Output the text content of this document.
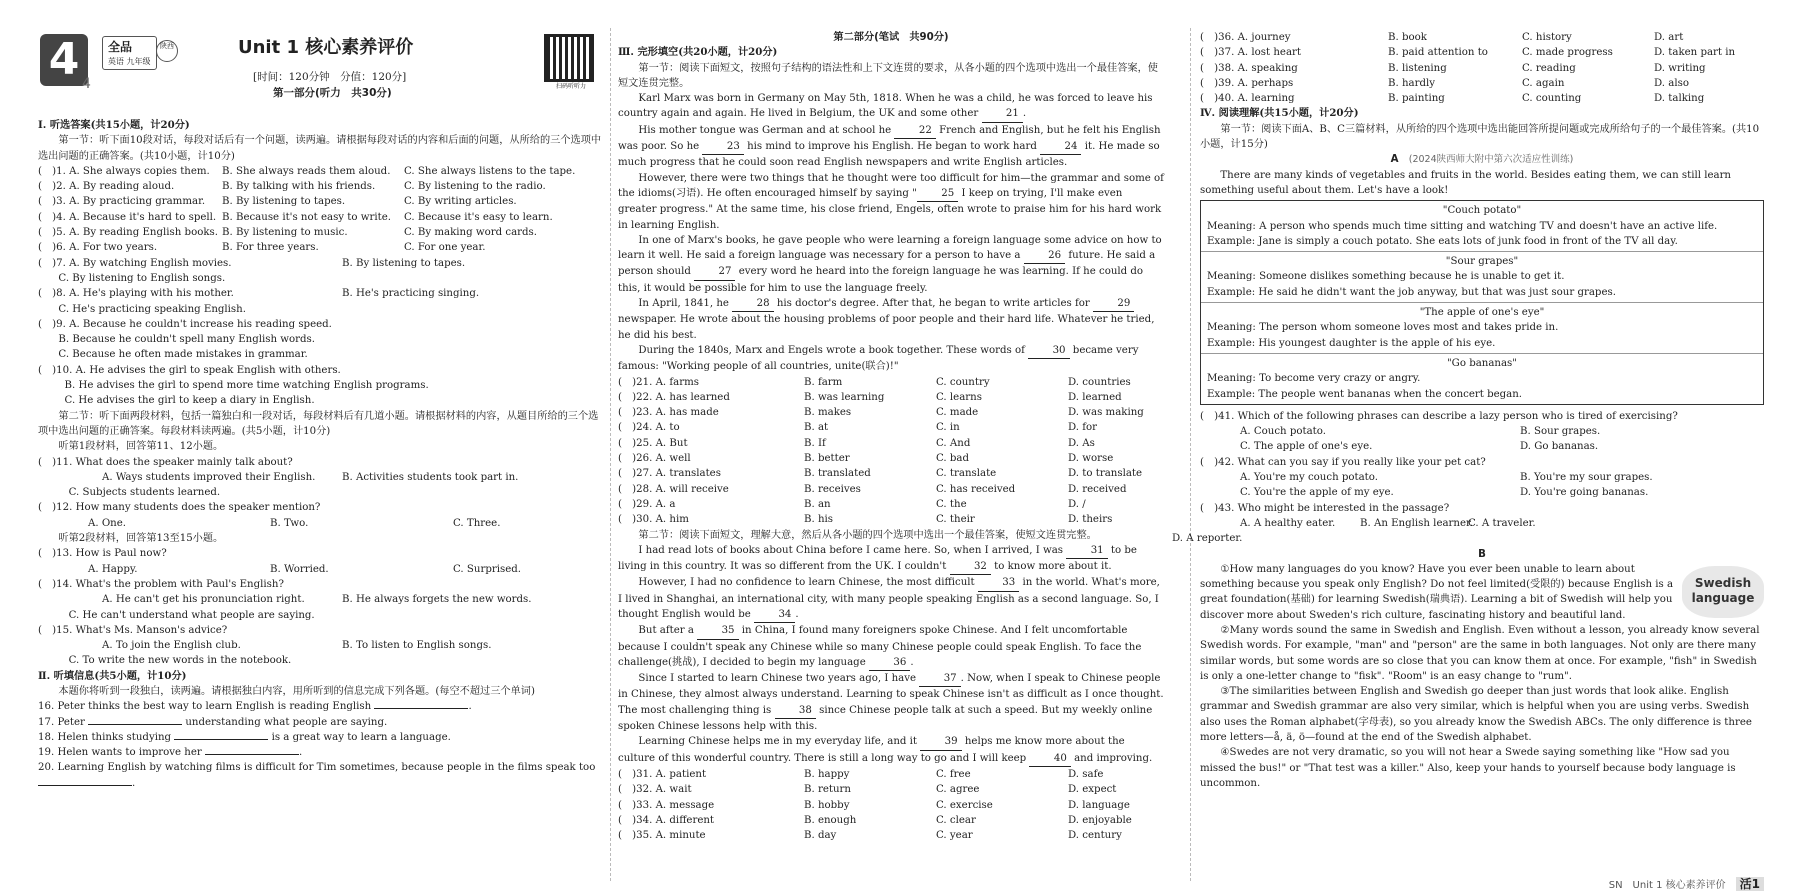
4 4
全品
英语 九年级
陕西	Unit 1 核心素养评价
[时间：120分钟　分值：120分]
第一部分(听力　共30分)
扫码听听力

Ⅰ. 听选答案(共15小题，计20分)

第一节：听下面10段对话，每段对话后有一个问题，读两遍。请根据每段对话的内容和后面的问题，从所给的三个选项中选出问题的正确答案。(共10小题，计10分)

(　)1. A. She always copies them.	B. She always reads them aloud.	C. She always listens to the tape.
(　)2. A. By reading aloud.	B. By talking with his friends.	C. By listening to the radio.
(　)3. A. By practicing grammar.	B. By listening to tapes.	C. By writing articles.
(　)4. A. Because it's hard to spell. B. Because it's not easy to write.	C. Because it's easy to learn.
(　)5. A. By reading English books. B. By listening to music.	C. By making word cards.
(　)6. A. For two years.	B. For three years.	C. For one year.
(　)7. A. By watching English movies.	B. By listening to tapes.

C. By listening to English songs.

(　)8. A. He's playing with his mother.	B. He's practicing singing.

C. He's practicing speaking English.

(　)9. A. Because he couldn't increase his reading speed.

B. Because he couldn't spell many English words.

C. Because he often made mistakes in grammar.

(　)10. A. He advises the girl to speak English with others.

B. He advises the girl to spend more time watching English programs.

C. He advises the girl to keep a diary in English.

第二节：听下面两段材料，包括一篇独白和一段对话，每段材料后有几道小题。请根据材料的内容，从题目所给的三个选项中选出问题的正确答案。每段材料读两遍。(共5小题，计10分)

听第1段材料，回答第11、12小题。

(　)11. What does the speaker mainly talk about?

A. Ways students improved their English.	B. Activities students took part in.

C. Subjects students learned.

(　)12. How many students does the speaker mention?

A. One.	B. Two.	C. Three.

听第2段材料，回答第13至15小题。

(　)13. How is Paul now?

A. Happy.	B. Worried.	C. Surprised.

(　)14. What's the problem with Paul's English?

A. He can't get his pronunciation right.	B. He always forgets the new words.

C. He can't understand what people are saying.

(　)15. What's Ms. Manson's advice?

A. To join the English club.	B. To listen to English songs.

C. To write the new words in the notebook.

Ⅱ. 听填信息(共5小题，计10分)

本题你将听到一段独白，读两遍。请根据独白内容，用所听到的信息完成下列各题。(每空不超过三个单词)

16. Peter thinks the best way to learn English is reading English	.

17. Peter	understanding what people are saying.

18. Helen thinks studying	is a great way to learn a language.

19. Helen wants to improve her	.

20. Learning English by watching films is difficult for Tim sometimes, because people in the films speak too .

第二部分(笔试　共90分)

Ⅲ. 完形填空(共20小题，计20分)

第一节：阅读下面短文，按照句子结构的语法性和上下文连贯的要求，从各小题的四个选项中选出一个最佳答案，使短文连贯完整。

Karl Marx was born in Germany on May 5th, 1818. When he was a child, he was forced to leave his country again and again. He lived in Belgium, the UK and some other	21 .

His mother tongue was German and at school he	22 French and English, but he felt his English was poor. So he	23 his mind to improve his English. He began to work hard	24 it. He made so much progress that he could soon read English newspapers and write English articles.

However, there were two things that he thought were too difficult for him—the grammar and some of the idioms(习语). He often encouraged himself by saying " 25 I keep on trying, I'll make even greater progress." At the same time, his close friend, Engels, often wrote to praise him for his hard work in learning English.

In one of Marx's books, he gave people who were learning a foreign language some advice on how to learn it well. He said a foreign language was necessary for a person to have a	26 future. He said a person should	27 every word he heard into the foreign language he was learning. If he could do this, it would be possible for him to use the language freely.

In April, 1841, he	28 his doctor's degree. After that, he began to write articles for	29 newspaper. He wrote about the housing problems of poor people and their hard life. Whatever he tried, he did his best.

During the 1840s, Marx and Engels wrote a book together. These words of	30 became very famous: "Working people of all countries, unite(联合)!"

(　)21. A. farms	B. farm	C. country	D. countries
(　)22. A. has learned	B. was learning	C. learns	D. learned
(　)23. A. has made	B. makes	C. made	D. was making
(　)24. A. to	B. at	C. in	D. for
(　)25. A. But	B. If	C. And	D. As
(　)26. A. well	B. better	C. bad	D. worse
(　)27. A. translates	B. translated	C. translate	D. to translate
(　)28. A. will receive	B. receives	C. has received	D. received
(　)29. A. a	B. an	C. the	D. /
(　)30. A. him	B. his	C. their	D. theirs

第二节：阅读下面短文，理解大意，然后从各小题的四个选项中选出一个最佳答案，使短文连贯完整。

I had read lots of books about China before I came here. So, when I arrived, I was	31 to be living in this country. It was so different from the UK. I couldn't	32 to know more about it.

However, I had no confidence to learn Chinese, the most difficult	33 in the world. What's more, I lived in Shanghai, an international city, with many people speaking English as a second language. So, I thought English would be	34 .

But after a	35 in China, I found many foreigners spoke Chinese. And I felt uncomfortable because I couldn't speak any Chinese while so many Chinese people could speak English. To face the challenge(挑战), I decided to begin my language	36 .

Since I started to learn Chinese two years ago, I have	37 . Now, when I speak to Chinese people in Chinese, they almost always understand. Learning to speak Chinese isn't as difficult as I once thought. The most challenging thing is	38 since Chinese people talk at such a speed. But my weekly online spoken Chinese lessons help with this.

Learning Chinese helps me in my everyday life, and it	39 helps me know more about the culture of this wonderful country. There is still a long way to go and I will keep	40 and improving.

(　)31. A. patient	B. happy	C. free	D. safe
(　)32. A. wait	B. return	C. agree	D. expect
(　)33. A. message	B. hobby	C. exercise	D. language
(　)34. A. different	B. enough	C. clear	D. enjoyable
(　)35. A. minute	B. day	C. year	D. century
(　)36. A. journey	B. book	C. history	D. art
(　)37. A. lost heart	B. paid attention to	C. made progress	D. taken part in
(　)38. A. speaking	B. listening	C. reading	D. writing
(　)39. A. perhaps	B. hardly	C. again	D. also
(　)40. A. learning	B. painting	C. counting	D. talking

Ⅳ. 阅读理解(共15小题，计20分)

第一节：阅读下面A、B、C三篇材料，从所给的四个选项中选出能回答所提问题或完成所给句子的一个最佳答案。(共10小题，计15分)

A　 (2024陕西师大附中第六次适应性训练)

There are many kinds of vegetables and fruits in the world. Besides eating them, we can still learn something useful about them. Let's have a look!

"Couch potato"

Meaning: A person who spends much time sitting and watching TV and doesn't have an active life.

Example: Jane is simply a couch potato. She eats lots of junk food in front of the TV all day.

"Sour grapes"

Meaning: Someone dislikes something because he is unable to get it.

Example: He said he didn't want the job anyway, but that was just sour grapes.

"The apple of one's eye"

Meaning: The person whom someone loves most and takes pride in.

Example: His youngest daughter is the apple of his eye.

"Go bananas"

Meaning: To become very crazy or angry.

Example: The people went bananas when the concert began.

(　)41. Which of the following phrases can describe a lazy person who is tired of exercising?

A. Couch potato.	B. Sour grapes.
C. The apple of one's eye.	D. Go bananas.

(　)42. What can you say if you really like your pet cat?

A. You're my couch potato.	B. You're my sour grapes.
C. You're the apple of my eye.	D. You're going bananas.

(　)43. Who might be interested in the passage?

A. A healthy eater.	B. An English learner.
C. A traveler.
D. A reporter.

B

Swedish language

①How many languages do you know? Have you ever been unable to learn about something because you speak only English? Do not feel limited(受限的) because English is a great foundation(基础) for learning Swedish(瑞典语). Learning a bit of Swedish will help you discover more about Sweden's rich culture, fascinating history and beautiful land.

②Many words sound the same in Swedish and English. Even without a lesson, you already know several Swedish words. For example, "man" and "person" are the same in both languages. Not only are there many similar words, but some words are so close that you can know them at once. For example, "fish" in Swedish is only a one-letter change to "fisk". "Room" is an easy change to "rum".

③The similarities between English and Swedish go deeper than just words that look alike. English grammar and Swedish grammar are also very similar, which is helpful when you are using verbs. Swedish also uses the Roman alphabet(字母表), so you already know the Swedish ABCs. The only difference is three more letters—å, ä, ö—found at the end of the Swedish alphabet.

④Swedes are not very dramatic, so you will not hear a Swede saying something like "How sad you missed the bus!" or "That test was a killer." Also, keep your hands to yourself because body language is uncommon.

SN　Unit 1 核心素养评价 活1
